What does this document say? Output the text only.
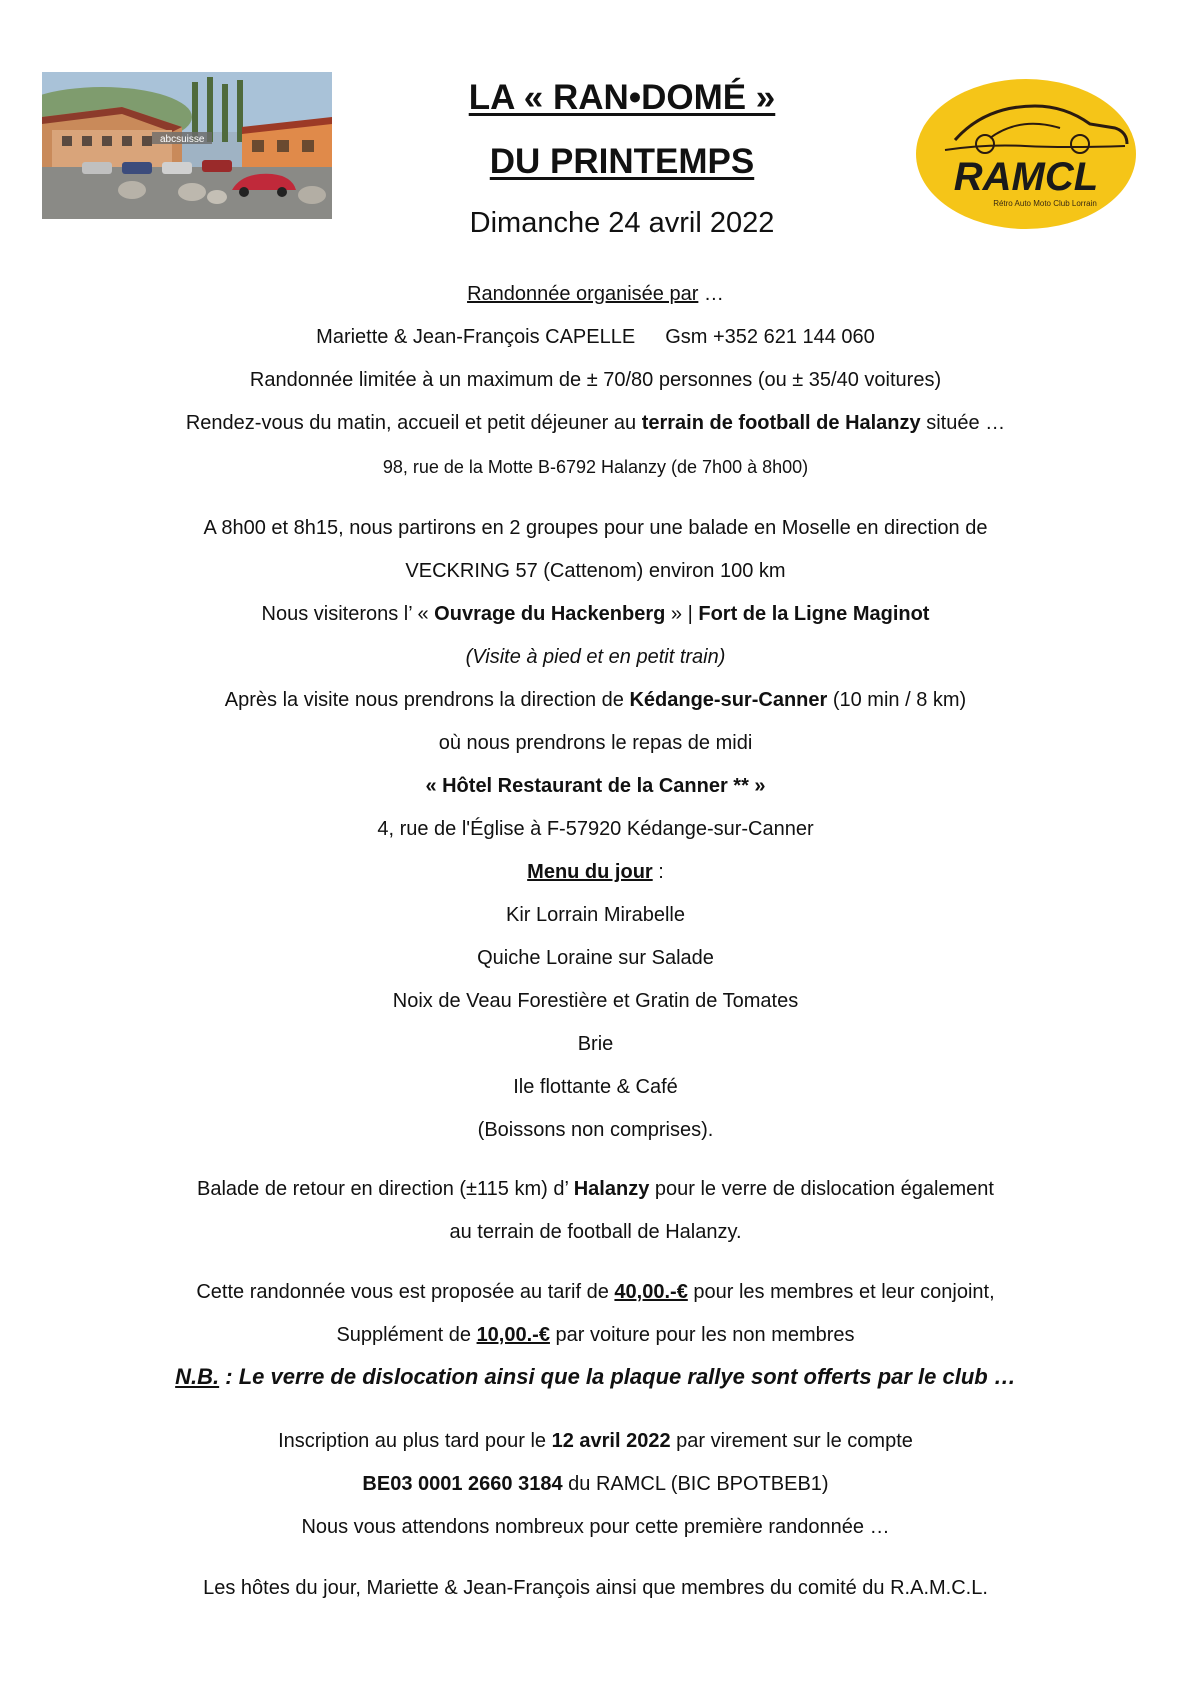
abcsuisse
RAMCL
Rétro Auto Moto Club Lorrain
LA « RAN•DOMÉ »
DU PRINTEMPS
Dimanche 24 avril 2022
Randonnée organisée par …
Mariette & Jean-François CAPELLE Gsm +352 621 144 060
Randonnée limitée à un maximum de ± 70/80 personnes (ou ± 35/40 voitures)
Rendez-vous du matin, accueil et petit déjeuner au terrain de football de Halanzy située …
98, rue de la Motte B-6792 Halanzy (de 7h00 à 8h00)
A 8h00 et 8h15, nous partirons en 2 groupes pour une balade en Moselle en direction de
VECKRING 57 (Cattenom) environ 100 km
Nous visiterons l’ « Ouvrage du Hackenberg » | Fort de la Ligne Maginot
(Visite à pied et en petit train)
Après la visite nous prendrons la direction de Kédange-sur-Canner (10 min / 8 km)
où nous prendrons le repas de midi
« Hôtel Restaurant de la Canner ** »
4, rue de l'Église à F-57920 Kédange-sur-Canner
Menu du jour :
Kir Lorrain Mirabelle
Quiche Loraine sur Salade
Noix de Veau Forestière et Gratin de Tomates
Brie
Ile flottante & Café
(Boissons non comprises).
Balade de retour en direction (±115 km) d’ Halanzy pour le verre de dislocation également
au terrain de football de Halanzy.
Cette randonnée vous est proposée au tarif de 40,00.-€ pour les membres et leur conjoint,
Supplément de 10,00.-€ par voiture pour les non membres
N.B. : Le verre de dislocation ainsi que la plaque rallye sont offerts par le club …
Inscription au plus tard pour le 12 avril 2022 par virement sur le compte
BE03 0001 2660 3184 du RAMCL (BIC BPOTBEB1)
Nous vous attendons nombreux pour cette première randonnée …
Les hôtes du jour, Mariette & Jean-François ainsi que membres du comité du R.A.M.C.L.
